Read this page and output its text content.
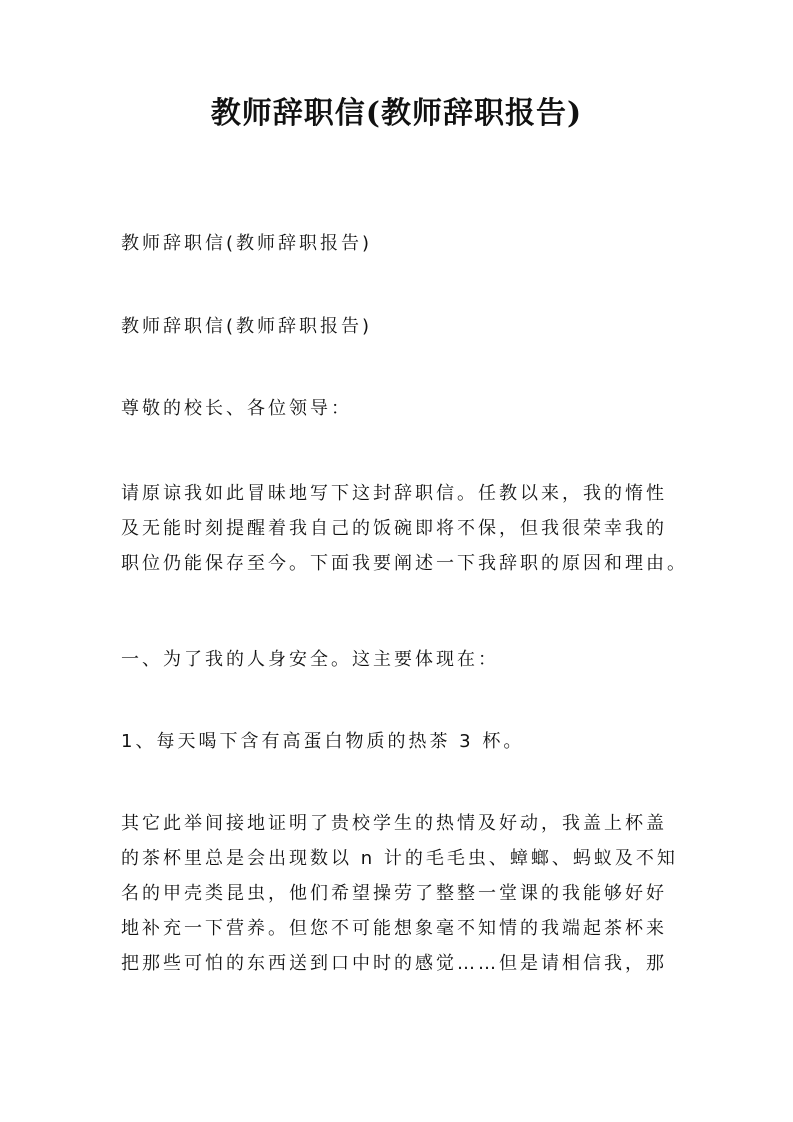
教师辞职信(教师辞职报告)

教师辞职信(教师辞职报告)

教师辞职信(教师辞职报告)

尊敬的校长、各位领导：

请原谅我如此冒昧地写下这封辞职信。任教以来，我的惰性
及无能时刻提醒着我自己的饭碗即将不保，但我很荣幸我的
职位仍能保存至今。下面我要阐述一下我辞职的原因和理由。

一、为了我的人身安全。这主要体现在：

1、每天喝下含有高蛋白物质的热茶 3 杯。

其它此举间接地证明了贵校学生的热情及好动，我盖上杯盖
的茶杯里总是会出现数以 n 计的毛毛虫、蟑螂、蚂蚁及不知
名的甲壳类昆虫，他们希望操劳了整整一堂课的我能够好好
地补充一下营养。但您不可能想象毫不知情的我端起茶杯来
把那些可怕的东西送到口中时的感觉……但是请相信我，那
